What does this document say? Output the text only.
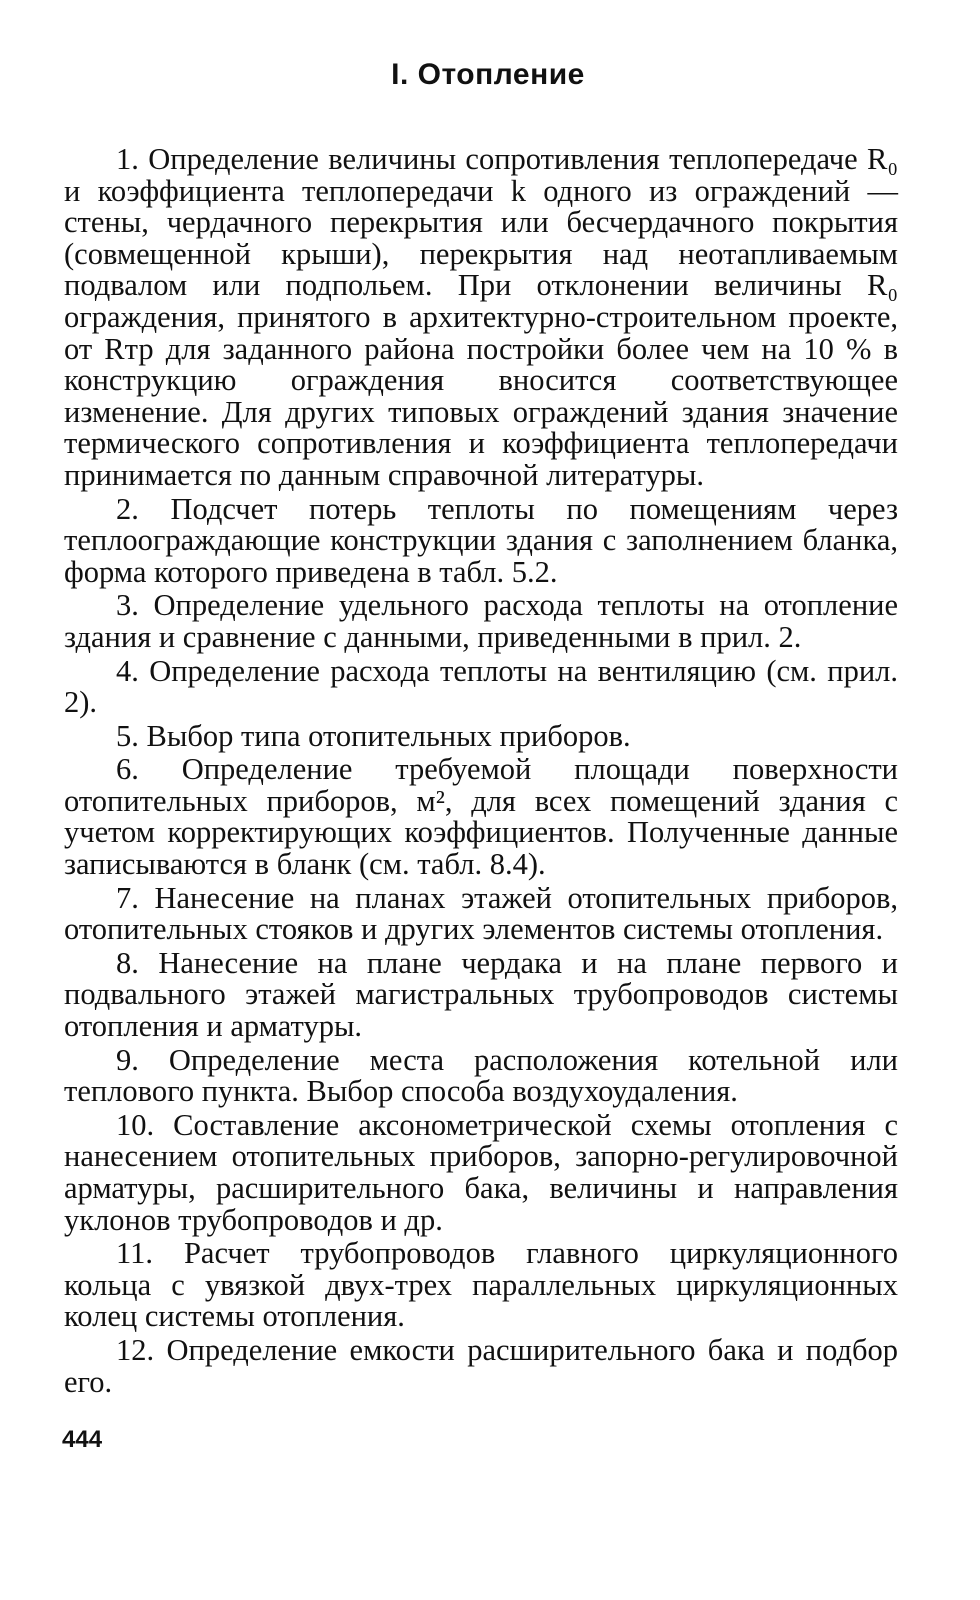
I. Отопление

1. Определение величины сопротивления теплопередаче R₀ и коэффициента теплопередачи k одного из ограждений — стены, чердачного перекрытия или бесчердачного покрытия (совмещенной крыши), перекрытия над неотапливаемым подвалом или подпольем. При отклонении величины R₀ ограждения, принятого в архитектурно-строительном проекте, от Rтр для заданного района постройки более чем на 10 % в конструкцию ограждения вносится соответствующее изменение. Для других типовых ограждений здания значение термического сопротивления и коэффициента теплопередачи принимается по данным справочной литературы.

2. Подсчет потерь теплоты по помещениям через теплоограждающие конструкции здания с заполнением бланка, форма которого приведена в табл. 5.2.

3. Определение удельного расхода теплоты на отопление здания и сравнение с данными, приведенными в прил. 2.

4. Определение расхода теплоты на вентиляцию (см. прил. 2).

5. Выбор типа отопительных приборов.

6. Определение требуемой площади поверхности отопительных приборов, м², для всех помещений здания с учетом корректирующих коэффициентов. Полученные данные записываются в бланк (см. табл. 8.4).

7. Нанесение на планах этажей отопительных приборов, отопительных стояков и других элементов системы отопления.

8. Нанесение на плане чердака и на плане первого и подвального этажей магистральных трубопроводов системы отопления и арматуры.

9. Определение места расположения котельной или теплового пункта. Выбор способа воздухоудаления.

10. Составление аксонометрической схемы отопления с нанесением отопительных приборов, запорно-регулировочной арматуры, расширительного бака, величины и направления уклонов трубопроводов и др.

11. Расчет трубопроводов главного циркуляционного кольца с увязкой двух-трех параллельных циркуляционных колец системы отопления.

12. Определение емкости расширительного бака и подбор его.

444
